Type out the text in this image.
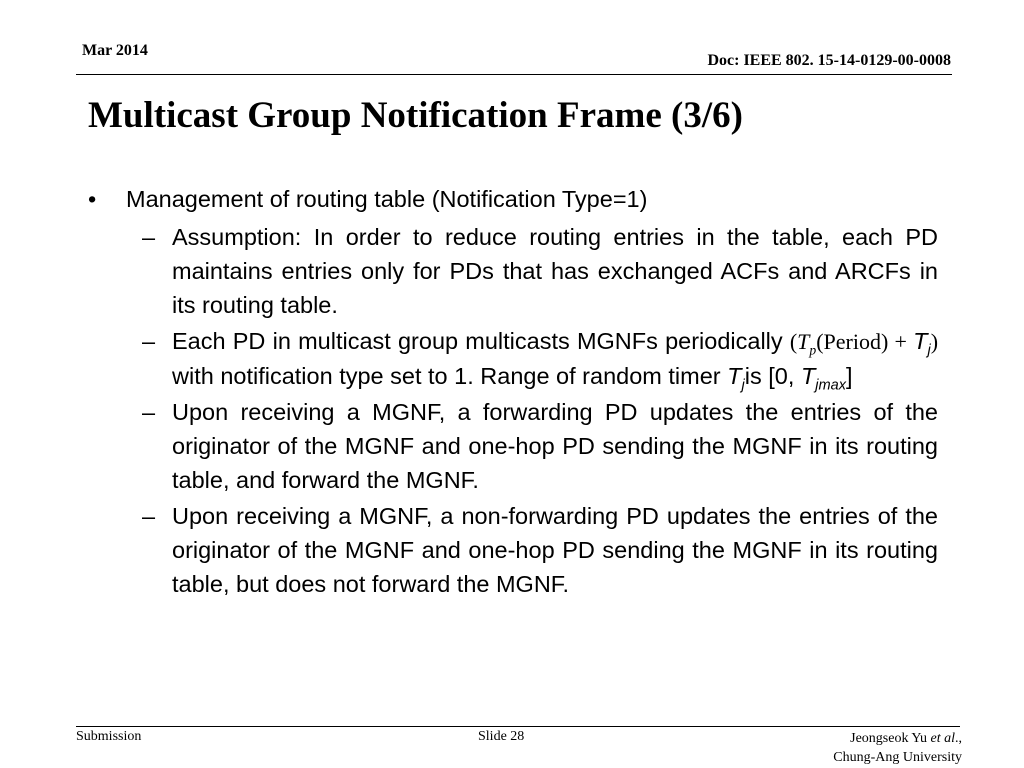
Mar 2014
Doc: IEEE 802. 15-14-0129-00-0008
Multicast Group Notification Frame (3/6)
• Management of routing table (Notification Type=1)
– Assumption: In order to reduce routing entries in the table, each PD maintains entries only for PDs that has exchanged ACFs and ARCFs in its routing table.
– Each PD in multicast group multicasts MGNFs periodically $(T_p(Period) + T_j)$ with notification type set to 1. Range of random timer $T_jis$ [0, $T_{jmax}$]
– Upon receiving a MGNF, a forwarding PD updates the entries of the originator of the MGNF and one-hop PD sending the MGNF in its routing table, and forward the MGNF.
– Upon receiving a MGNF, a non-forwarding PD updates the entries of the originator of the MGNF and one-hop PD sending the MGNF in its routing table, but does not forward the MGNF.
Submission	Slide 28	Jeongseok Yu et al.,
Chung-Ang University
